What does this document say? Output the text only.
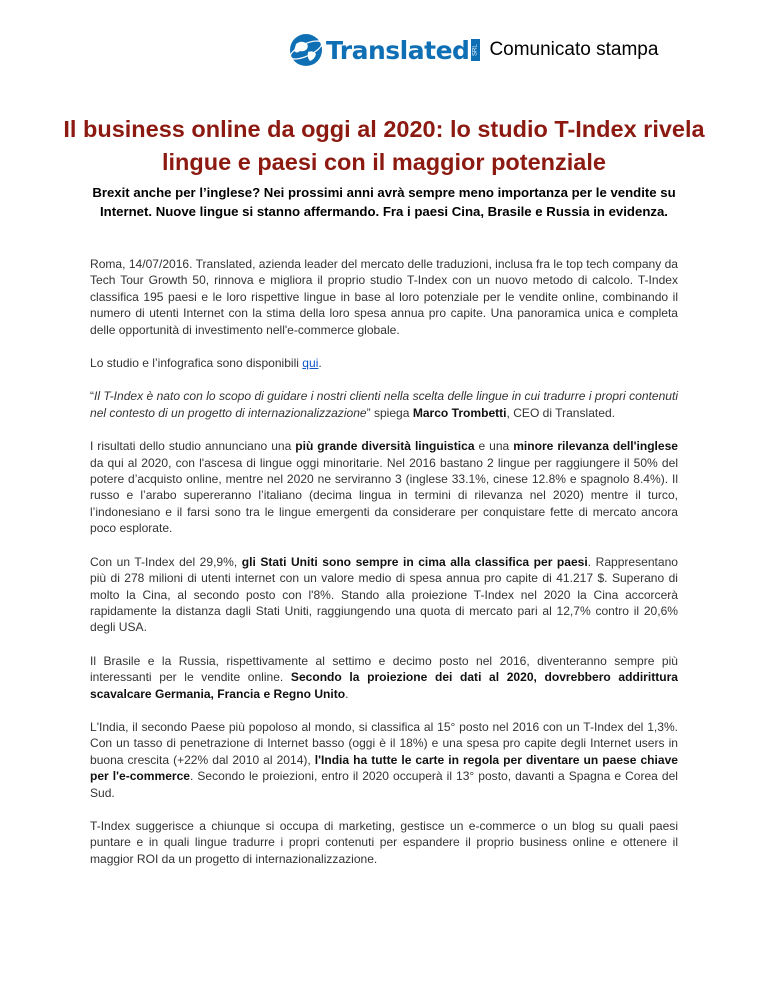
Translated SRL Comunicato stampa
Il business online da oggi al 2020: lo studio T-Index rivela lingue e paesi con il maggior potenziale

Brexit anche per l’inglese? Nei prossimi anni avrà sempre meno importanza per le vendite su Internet. Nuove lingue si stanno affermando. Fra i paesi Cina, Brasile e Russia in evidenza.

Roma, 14/07/2016. Translated, azienda leader del mercato delle traduzioni, inclusa fra le top tech company da Tech Tour Growth 50, rinnova e migliora il proprio studio T-Index con un nuovo metodo di calcolo. T-Index classifica 195 paesi e le loro rispettive lingue in base al loro potenziale per le vendite online, combinando il numero di utenti Internet con la stima della loro spesa annua pro capite. Una panoramica unica e completa delle opportunità di investimento nell'e-commerce globale.

Lo studio e l’infografica sono disponibili qui.

“Il T-Index è nato con lo scopo di guidare i nostri clienti nella scelta delle lingue in cui tradurre i propri contenuti nel contesto di un progetto di internazionalizzazione” spiega Marco Trombetti, CEO di Translated.

I risultati dello studio annunciano una più grande diversità linguistica e una minore rilevanza dell'inglese da qui al 2020, con l'ascesa di lingue oggi minoritarie. Nel 2016 bastano 2 lingue per raggiungere il 50% del potere d’acquisto online, mentre nel 2020 ne serviranno 3 (inglese 33.1%, cinese 12.8% e spagnolo 8.4%). Il russo e l’arabo supereranno l’italiano (decima lingua in termini di rilevanza nel 2020) mentre il turco, l’indonesiano e il farsi sono tra le lingue emergenti da considerare per conquistare fette di mercato ancora poco esplorate.

Con un T-Index del 29,9%, gli Stati Uniti sono sempre in cima alla classifica per paesi. Rappresentano più di 278 milioni di utenti internet con un valore medio di spesa annua pro capite di 41.217 $. Superano di molto la Cina, al secondo posto con l'8%. Stando alla proiezione T-Index nel 2020 la Cina accorcerà rapidamente la distanza dagli Stati Uniti, raggiungendo una quota di mercato pari al 12,7% contro il 20,6% degli USA.

Il Brasile e la Russia, rispettivamente al settimo e decimo posto nel 2016, diventeranno sempre più interessanti per le vendite online. Secondo la proiezione dei dati al 2020, dovrebbero addirittura scavalcare Germania, Francia e Regno Unito.

L'India, il secondo Paese più popoloso al mondo, si classifica al 15° posto nel 2016 con un T-Index del 1,3%. Con un tasso di penetrazione di Internet basso (oggi è il 18%) e una spesa pro capite degli Internet users in buona crescita (+22% dal 2010 al 2014), l'India ha tutte le carte in regola per diventare un paese chiave per l'e-commerce. Secondo le proiezioni, entro il 2020 occuperà il 13° posto, davanti a Spagna e Corea del Sud.

T-Index suggerisce a chiunque si occupa di marketing, gestisce un e-commerce o un blog su quali paesi puntare e in quali lingue tradurre i propri contenuti per espandere il proprio business online e ottenere il maggior ROI da un progetto di internazionalizzazione.
